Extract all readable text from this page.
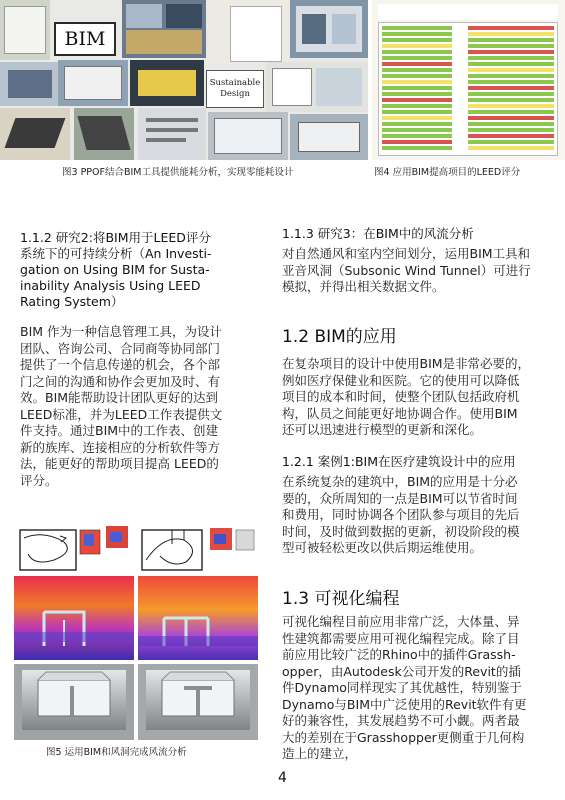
BIM

Sustainable
Design
图3 PPOF结合BIM工具提供能耗分析，实现零能耗设计	图4 应用BIM提高项目的LEED评分
1.1.2 研究2:将BIM用于LEED评分
系统下的可持续分析（An Investi-
gation on Using BIM for Susta-
inability Analysis Using LEED
Rating System）
BIM 作为一种信息管理工具，为设计
团队、咨询公司、合同商等协同部门
提供了一个信息传递的机会，各个部
门之间的沟通和协作会更加及时、有
效。BIM能帮助设计团队更好的达到
LEED标准，并为LEED工作表提供文
件支持。通过BIM中的工作表、创建
新的族库、连接相应的分析软件等方
法，能更好的帮助项目提高 LEED的
评分。
图5 运用BIM和风洞完成风流分析
1.1.3 研究3：在BIM中的风流分析
对自然通风和室内空间划分，运用BIM工具和
亚音风洞（Subsonic Wind Tunnel）可进行
模拟，并得出相关数据文件。
1.2 BIM的应用
在复杂项目的设计中使用BIM是非常必要的，
例如医疗保健业和医院。它的使用可以降低
项目的成本和时间，使整个团队包括政府机
构，队员之间能更好地协调合作。使用BIM
还可以迅速进行模型的更新和深化。
1.2.1 案例1:BIM在医疗建筑设计中的应用
在系统复杂的建筑中，BIM的应用是十分必
要的，众所周知的一点是BIM可以节省时间
和费用，同时协调各个团队参与项目的先后
时间，及时做到数据的更新，初设阶段的模
型可被轻松更改以供后期运维使用。
1.3 可视化编程
可视化编程目前应用非常广泛，大体量、异
性建筑都需要应用可视化编程完成。除了目
前应用比较广泛的Rhino中的插件Grassh-
opper，由Autodesk公司开发的Revit的插
件Dynamo同样现实了其优越性，特别鉴于
Dynamo与BIM中广泛使用的Revit软件有更
好的兼容性，其发展趋势不可小觑。两者最
大的差别在于Grasshopper更侧重于几何构
造上的建立，
4
